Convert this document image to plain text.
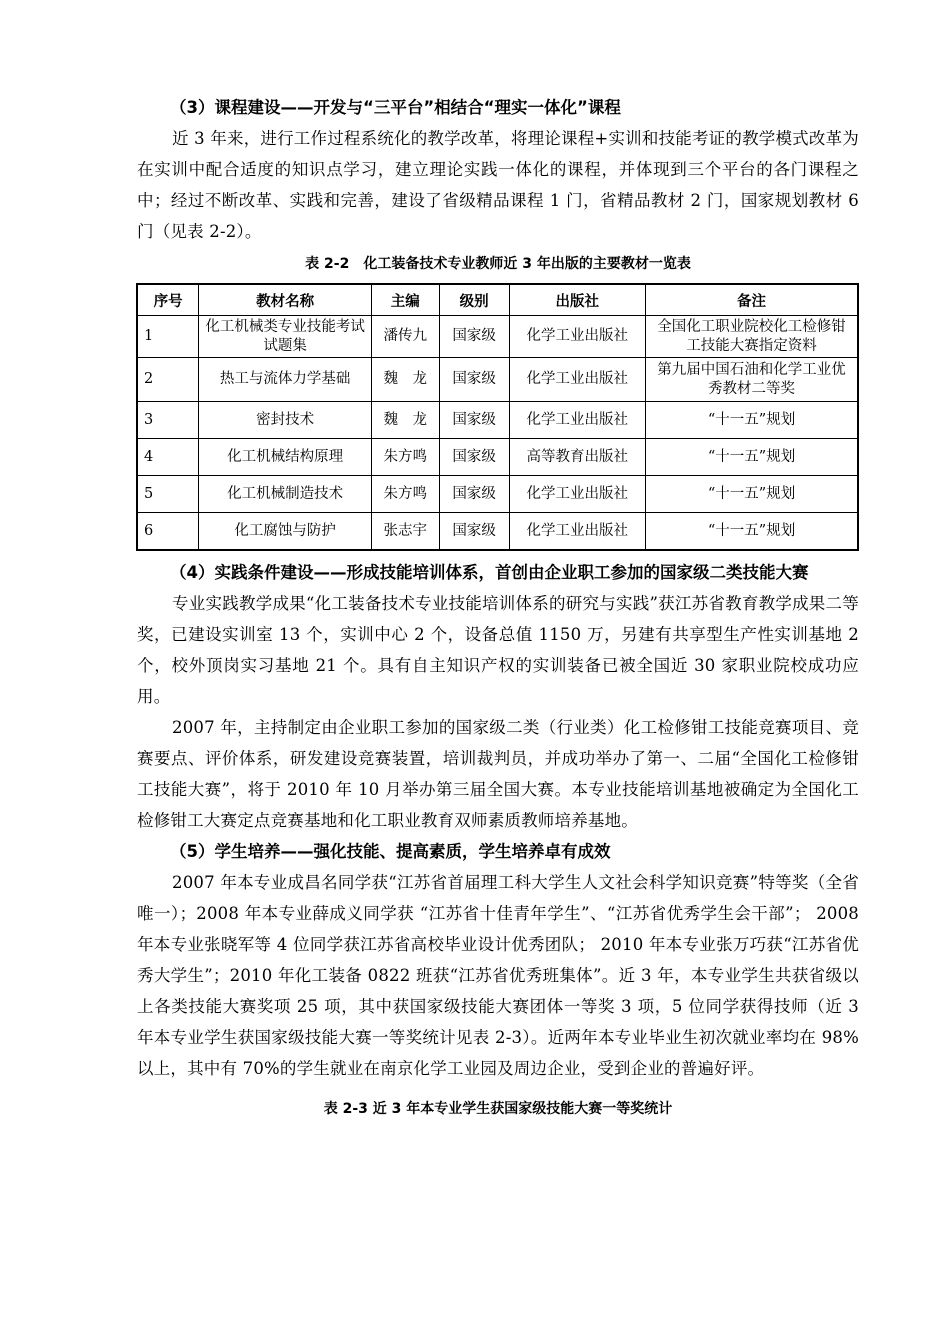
（3）课程建设——开发与“三平台”相结合“理实一体化”课程

近 3 年来，进行工作过程系统化的教学改革，将理论课程+实训和技能考证的教学模式改革为在实训中配合适度的知识点学习，建立理论实践一体化的课程，并体现到三个平台的各门课程之中；经过不断改革、实践和完善，建设了省级精品课程 1 门，省精品教材 2 门，国家规划教材 6 门（见表 2-2）。

表 2-2　化工装备技术专业教师近 3 年出版的主要教材一览表
序号	教材名称	主编	级别	出版社	备注
1	化工机械类专业技能考试试题集	潘传九	国家级	化学工业出版社	全国化工职业院校化工检修钳工技能大赛指定资料
2	热工与流体力学基础	魏　龙	国家级	化学工业出版社	第九届中国石油和化学工业优秀教材二等奖
3	密封技术	魏　龙	国家级	化学工业出版社	“十一五”规划
4	化工机械结构原理	朱方鸣	国家级	高等教育出版社	“十一五”规划
5	化工机械制造技术	朱方鸣	国家级	化学工业出版社	“十一五”规划
6	化工腐蚀与防护	张志宇	国家级	化学工业出版社	“十一五”规划

（4）实践条件建设——形成技能培训体系，首创由企业职工参加的国家级二类技能大赛

专业实践教学成果“化工装备技术专业技能培训体系的研究与实践”获江苏省教育教学成果二等奖，已建设实训室 13 个，实训中心 2 个，设备总值 1150 万，另建有共享型生产性实训基地 2 个，校外顶岗实习基地 21 个。具有自主知识产权的实训装备已被全国近 30 家职业院校成功应用。

2007 年，主持制定由企业职工参加的国家级二类（行业类）化工检修钳工技能竞赛项目、竞赛要点、评价体系，研发建设竞赛装置，培训裁判员，并成功举办了第一、二届“全国化工检修钳工技能大赛”，将于 2010 年 10 月举办第三届全国大赛。本专业技能培训基地被确定为全国化工检修钳工大赛定点竞赛基地和化工职业教育双师素质教师培养基地。

（5）学生培养——强化技能、提高素质，学生培养卓有成效

2007 年本专业成昌名同学获“江苏省首届理工科大学生人文社会科学知识竞赛”特等奖（全省唯一）；2008 年本专业薛成义同学获 “江苏省十佳青年学生”、“江苏省优秀学生会干部”； 2008 年本专业张晓军等 4 位同学获江苏省高校毕业设计优秀团队； 2010 年本专业张万巧获“江苏省优秀大学生”；2010 年化工装备 0822 班获“江苏省优秀班集体”。近 3 年，本专业学生共获省级以上各类技能大赛奖项 25 项，其中获国家级技能大赛团体一等奖 3 项，5 位同学获得技师（近 3 年本专业学生获国家级技能大赛一等奖统计见表 2-3）。近两年本专业毕业生初次就业率均在 98%以上，其中有 70%的学生就业在南京化学工业园及周边企业，受到企业的普遍好评。

表 2-3 近 3 年本专业学生获国家级技能大赛一等奖统计
